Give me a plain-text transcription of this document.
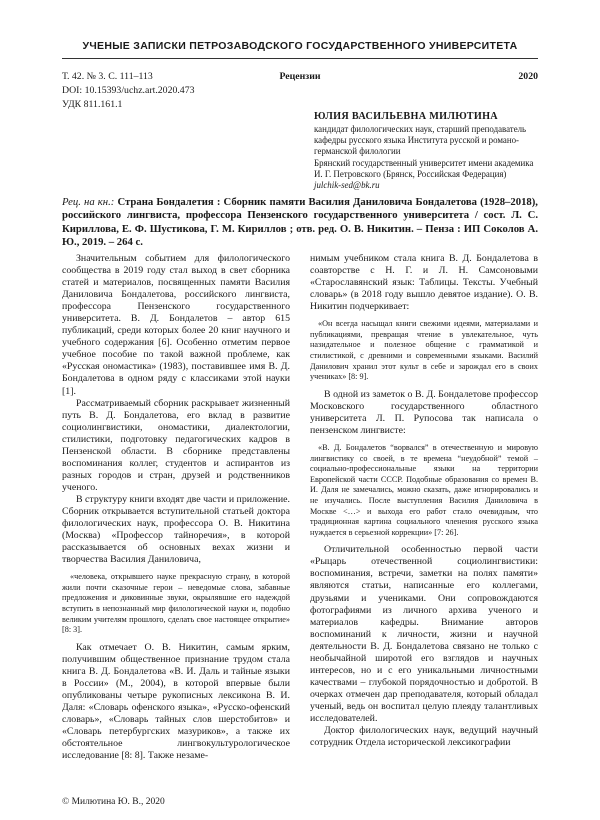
УЧЕНЫЕ ЗАПИСКИ ПЕТРОЗАВОДСКОГО ГОСУДАРСТВЕННОГО УНИВЕРСИТЕТА
Т. 42. № 3. С. 111–113	Рецензии	2020
DOI: 10.15393/uchz.art.2020.473
УДК 811.161.1
ЮЛИЯ ВАСИЛЬЕВНА МИЛЮТИНА
кандидат филологических наук, старший преподаватель
кафедры русского языка Института русской и романо-
германской филологии
Брянский государственный университет имени академика
И. Г. Петровского (Брянск, Российская Федерация)
julchik-sed@bk.ru
Рец. на кн.: Страна Бондалетия : Сборник памяти Василия Даниловича Бондалетова (1928–2018), российского лингвиста, профессора Пензенского государственного университета / сост. Л. С. Кириллова, Е. Ф. Шустикова, Г. М. Кириллов ; отв. ред. О. В. Никитин. – Пенза : ИП Соколов А. Ю., 2019. – 264 с.

Значительным событием для филологического сообщества в 2019 году стал выход в свет сборника статей и материалов, посвященных памяти Василия Даниловича Бондалетова, российского лингвиста, профессора Пензенского государственного университета. В. Д. Бондалетов – автор 615 публикаций, среди которых более 20 книг научного и учебного содержания [6]. Особенно отметим первое учебное пособие по такой важной проблеме, как «Русская ономастика» (1983), поставившее имя В. Д. Бондалетова в одном ряду с классиками этой науки [1].

Рассматриваемый сборник раскрывает жизненный путь В. Д. Бондалетова, его вклад в развитие социолингвистики, ономастики, диалектологии, стилистики, подготовку педагогических кадров в Пензенской области. В сборнике представлены воспоминания коллег, студентов и аспирантов из разных городов и стран, друзей и родственников ученого.

В структуру книги входят две части и приложение. Сборник открывается вступительной статьей доктора филологических наук, профессора О. В. Никитина (Москва) «Профессор тайноречия», в которой рассказывается об основных вехах жизни и творчества Василия Даниловича,

«человека, открывшего науке прекрасную страну, в которой жили почти сказочные герои – неведомые слова, забавные предложения и диковинные звуки, окрылявшие его надеждой вступить в непознанный мир филологической науки и, подобно великим учителям прошлого, сделать свое настоящее открытие» [8: 3].

Как отмечает О. В. Никитин, самым ярким, получившим общественное признание трудом стала книга В. Д. Бондалетова «В. И. Даль и тайные языки в России» (М., 2004), в которой впервые были опубликованы четыре рукописных лексикона В. И. Даля: «Словарь офенского языка», «Русско-офенский словарь», «Словарь тайных слов шерстобитов» и «Словарь петербургских мазуриков», а также их обстоятельное лингвокультурологическое исследование [8: 8]. Также незаме-

нимым учебником стала книга В. Д. Бондалетова в соавторстве с Н. Г. и Л. Н. Самсоновыми «Старославянский язык: Таблицы. Тексты. Учебный словарь» (в 2018 году вышло девятое издание). О. В. Никитин подчеркивает:

«Он всегда насыщал книги свежими идеями, материалами и публикациями, превращая чтение в увлекательное, чуть назидательное и полезное общение с грамматикой и стилистикой, с древними и современными языками. Василий Данилович хранил этот культ в себе и зарождал его в своих учениках» [8: 9].

В одной из заметок о В. Д. Бондалетове профессор Московского государственного областного университета Л. П. Рупосова так написала о пензенском лингвисте:

«В. Д. Бондалетов “ворвался” в отечественную и мировую лингвистику со своей, в те времена “неудобной” темой – социально-профессиональные языки на территории Европейской части СССР. Подобные образования со времен В. И. Даля не замечались, можно сказать, даже игнорировались и не изучались. После выступления Василия Даниловича в Москве <…> и выхода его работ стало очевидным, что традиционная картина социального членения русского языка нуждается в серьезной коррекции» [7: 26].

Отличительной особенностью первой части «Рыцарь отечественной социолингвистики: воспоминания, встречи, заметки на полях памяти» являются статьи, написанные его коллегами, друзьями и учениками. Они сопровождаются фотографиями из личного архива ученого и материалов кафедры. Внимание авторов воспоминаний к личности, жизни и научной деятельности В. Д. Бондалетова связано не только с необычайной широтой его взглядов и научных интересов, но и с его уникальными личностными качествами – глубокой порядочностью и добротой. В очерках отмечен дар преподавателя, который обладал ученый, ведь он воспитал целую плеяду талантливых исследователей.

Доктор филологических наук, ведущий научный сотрудник Отдела исторической лексикографии

© Милютина Ю. В., 2020
